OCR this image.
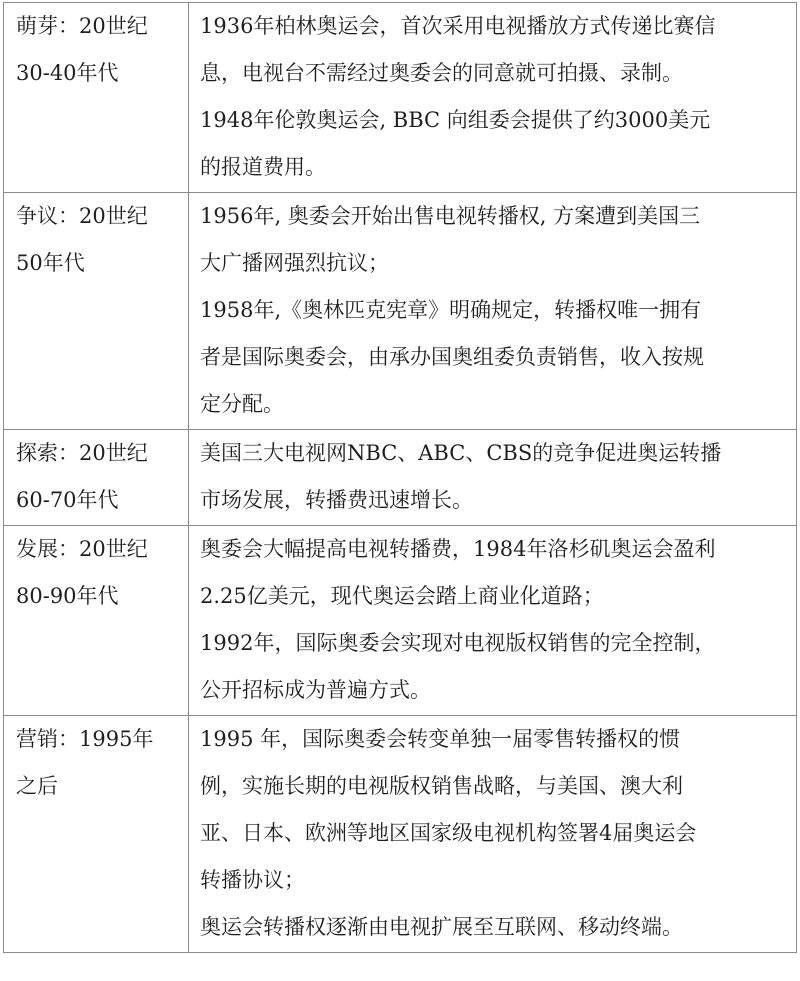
萌芽：20世纪
30-40年代	1936年柏林奥运会，首次采用电视播放方式传递比赛信
息，电视台不需经过奥委会的同意就可拍摄、录制。
1948年伦敦奥运会, BBC 向组委会提供了约3000美元
的报道费用。

争议：20世纪
50年代	1956年, 奥委会开始出售电视转播权, 方案遭到美国三
大广播网强烈抗议；
1958年,《奥林匹克宪章》明确规定，转播权唯一拥有
者是国际奥委会，由承办国奥组委负责销售，收入按规
定分配。

探索：20世纪
60-70年代	美国三大电视网NBC、ABC、CBS的竞争促进奥运转播
市场发展，转播费迅速增长。

发展：20世纪
80-90年代	奥委会大幅提高电视转播费，1984年洛杉矶奥运会盈利
2.25亿美元，现代奥运会踏上商业化道路；
1992年，国际奥委会实现对电视版权销售的完全控制，
公开招标成为普遍方式。

营销：1995年
之后	1995 年，国际奥委会转变单独一届零售转播权的惯
例，实施长期的电视版权销售战略，与美国、澳大利
亚、日本、欧洲等地区国家级电视机构签署4届奥运会
转播协议；
奥运会转播权逐渐由电视扩展至互联网、移动终端。
